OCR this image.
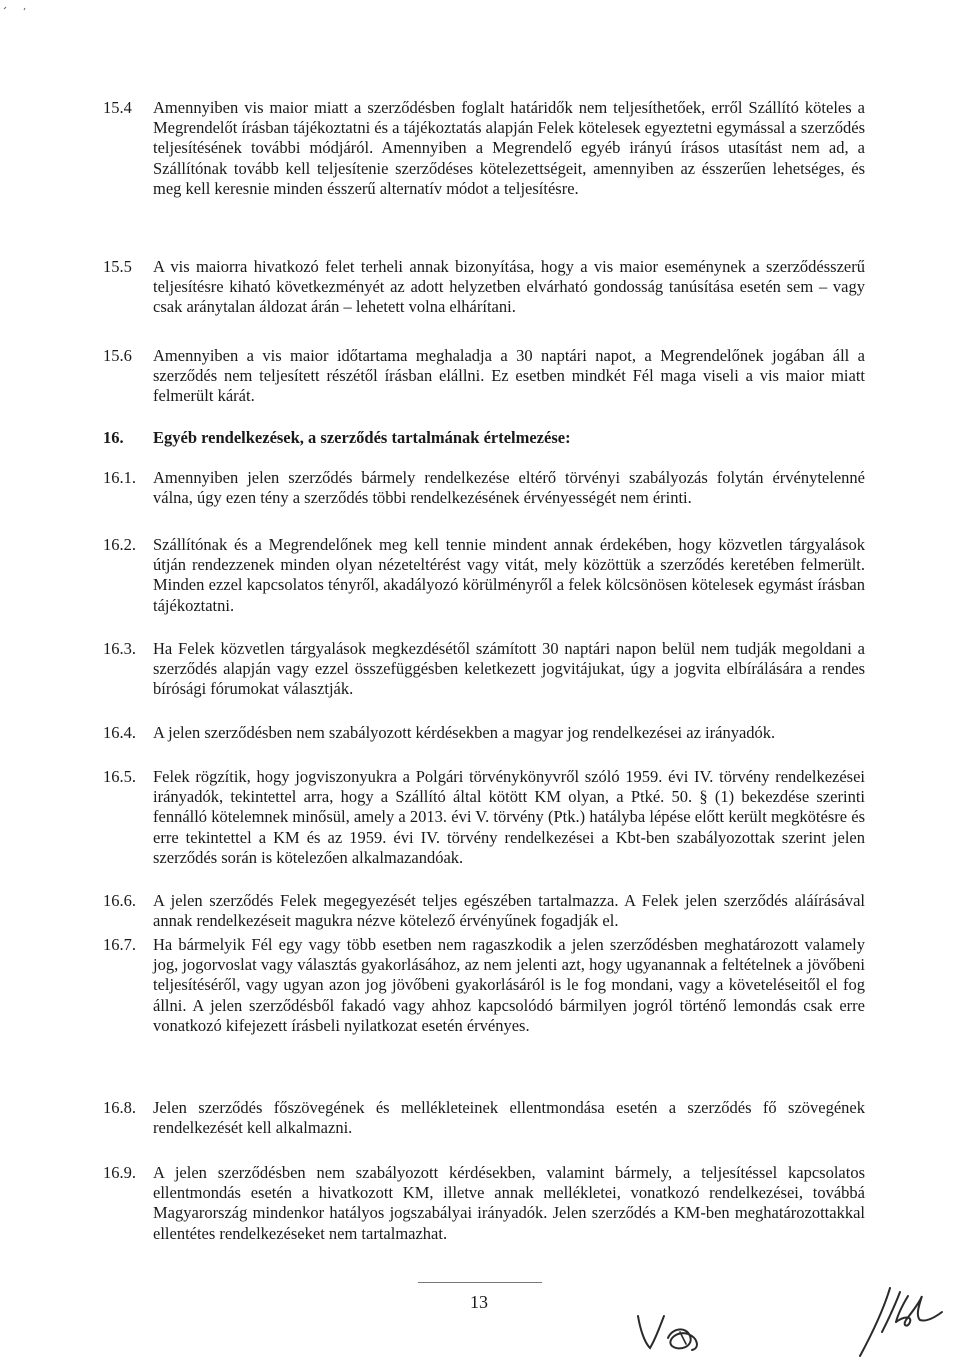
15.4 Amennyiben vis maior miatt a szerződésben foglalt határidők nem teljesíthetőek, erről Szállító köteles a Megrendelőt írásban tájékoztatni és a tájékoztatás alapján Felek kötelesek egyeztetni egymással a szerződés teljesítésének további módjáról. Amennyiben a Megrendelő egyéb irányú írásos utasítást nem ad, a Szállítónak tovább kell teljesítenie szerződéses kötelezettségeit, amennyiben az ésszerűen lehetséges, és meg kell keresnie minden ésszerű alternatív módot a teljesítésre.

15.5 A vis maiorra hivatkozó felet terheli annak bizonyítása, hogy a vis maior eseménynek a szerződésszerű teljesítésre kiható következményét az adott helyzetben elvárható gondosság tanúsítása esetén sem – vagy csak aránytalan áldozat árán – lehetett volna elhárítani.

15.6 Amennyiben a vis maior időtartama meghaladja a 30 naptári napot, a Megrendelőnek jogában áll a szerződés nem teljesített részétől írásban elállni. Ez esetben mindkét Fél maga viseli a vis maior miatt felmerült kárát.

16. Egyéb rendelkezések, a szerződés tartalmának értelmezése:
16.1. Amennyiben jelen szerződés bármely rendelkezése eltérő törvényi szabályozás folytán érvénytelenné válna, úgy ezen tény a szerződés többi rendelkezésének érvényességét nem érinti.

16.2. Szállítónak és a Megrendelőnek meg kell tennie mindent annak érdekében, hogy közvetlen tárgyalások útján rendezzenek minden olyan nézeteltérést vagy vitát, mely közöttük a szerződés keretében felmerült. Minden ezzel kapcsolatos tényről, akadályozó körülményről a felek kölcsönösen kötelesek egymást írásban tájékoztatni.

16.3. Ha Felek közvetlen tárgyalások megkezdésétől számított 30 naptári napon belül nem tudják megoldani a szerződés alapján vagy ezzel összefüggésben keletkezett jogvitájukat, úgy a jogvita elbírálására a rendes bírósági fórumokat választják.

16.4. A jelen szerződésben nem szabályozott kérdésekben a magyar jog rendelkezései az irányadók.

16.5. Felek rögzítik, hogy jogviszonyukra a Polgári törvénykönyvről szóló 1959. évi IV. törvény rendelkezései irányadók, tekintettel arra, hogy a Szállító által kötött KM olyan, a Ptké. 50. § (1) bekezdése szerinti fennálló kötelemnek minősül, amely a 2013. évi V. törvény (Ptk.) hatályba lépése előtt került megkötésre és erre tekintettel a KM és az 1959. évi IV. törvény rendelkezései a Kbt-ben szabályozottak szerint jelen szerződés során is kötelezően alkalmazandóak.

16.6. A jelen szerződés Felek megegyezését teljes egészében tartalmazza. A Felek jelen szerződés aláírásával annak rendelkezéseit magukra nézve kötelező érvényűnek fogadják el.

16.7. Ha bármelyik Fél egy vagy több esetben nem ragaszkodik a jelen szerződésben meghatározott valamely jog, jogorvoslat vagy választás gyakorlásához, az nem jelenti azt, hogy ugyanannak a feltételnek a jövőbeni teljesítéséről, vagy ugyan azon jog jövőbeni gyakorlásáról is le fog mondani, vagy a követeléseitől el fog állni. A jelen szerződésből fakadó vagy ahhoz kapcsolódó bármilyen jogról történő lemondás csak erre vonatkozó kifejezett írásbeli nyilatkozat esetén érvényes.

16.8. Jelen szerződés főszövegének és mellékleteinek ellentmondása esetén a szerződés fő szövegének rendelkezését kell alkalmazni.

16.9. A jelen szerződésben nem szabályozott kérdésekben, valamint bármely, a teljesítéssel kapcsolatos ellentmondás esetén a hivatkozott KM, illetve annak mellékletei, vonatkozó rendelkezései, továbbá Magyarország mindenkor hatályos jogszabályai irányadók. Jelen szerződés a KM-ben meghatározottakkal ellentétes rendelkezéseket nem tartalmazhat.

13
